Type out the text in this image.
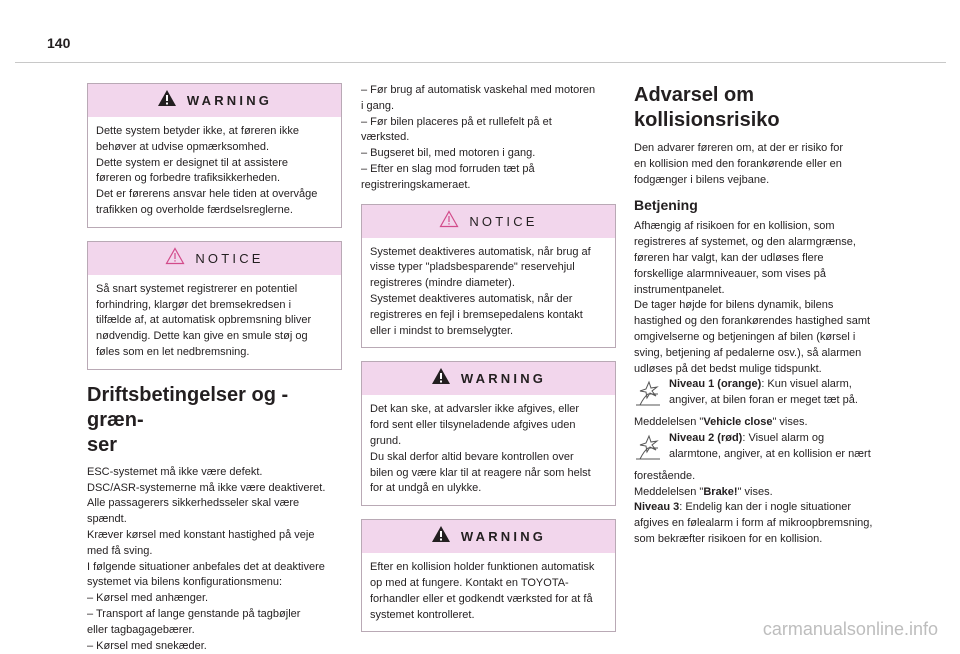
140
WARNING

Dette system betyder ikke, at føreren ikke

behøver at udvise opmærksomhed.

Dette system er designet til at assistere

føreren og forbedre trafiksikkerheden.

Det er førerens ansvar hele tiden at overvåge

trafikken og overholde færdselsreglerne.

NOTICE

Så snart systemet registrerer en potentiel

forhindring, klargør det bremsekredsen i

tilfælde af, at automatisk opbremsning bliver

nødvendig. Dette kan give en smule støj og

føles som en let nedbremsning.

Driftsbetingelser og -græn-
ser

ESC-systemet må ikke være defekt.

DSC/ASR-systemerne må ikke være deaktiveret.

Alle passagerers sikkerhedsseler skal være

spændt.

Kræver kørsel med konstant hastighed på veje

med få sving.

I følgende situationer anbefales det at deaktivere

systemet via bilens konfigurationsmenu:

– Kørsel med anhænger.

– Transport af lange genstande på tagbøjler

eller tagbagagebærer.

– Kørsel med snekæder.

– Før brug af automatisk vaskehal med motoren

i gang.

– Før bilen placeres på et rullefelt på et

værksted.

– Bugseret bil, med motoren i gang.

– Efter en slag mod forruden tæt på

registreringskameraet.

NOTICE

Systemet deaktiveres automatisk, når brug af

visse typer "pladsbesparende" reservehjul

registreres (mindre diameter).

Systemet deaktiveres automatisk, når der

registreres en fejl i bremsepedalens kontakt

eller i mindst to bremselygter.

WARNING

Det kan ske, at advarsler ikke afgives, eller

ford sent eller tilsyneladende afgives uden

grund.

Du skal derfor altid bevare kontrollen over

bilen og være klar til at reagere når som helst

for at undgå en ulykke.

WARNING

Efter en kollision holder funktionen automatisk

op med at fungere. Kontakt en TOYOTA-

forhandler eller et godkendt værksted for at få

systemet kontrolleret.

Advarsel om kollisionsrisiko

Den advarer føreren om, at der er risiko for

en kollision med den forankørende eller en

fodgænger i bilens vejbane.

Betjening

Afhængig af risikoen for en kollision, som

registreres af systemet, og den alarmgrænse,

føreren har valgt, kan der udløses flere

forskellige alarmniveauer, som vises på

instrumentpanelet.

De tager højde for bilens dynamik, bilens

hastighed og den forankørendes hastighed samt

omgivelserne og betjeningen af bilen (kørsel i

sving, betjening af pedalerne osv.), så alarmen

udløses på det bedst mulige tidspunkt.

Niveau 1 (orange): Kun visuel alarm,

angiver, at bilen foran er meget tæt på.

Meddelelsen "Vehicle close" vises.

Niveau 2 (rød): Visuel alarm og

alarmtone, angiver, at en kollision er nært

forestående.

Meddelelsen "Brake!" vises.

Niveau 3: Endelig kan der i nogle situationer

afgives en følealarm i form af mikroopbremsning,

som bekræfter risikoen for en kollision.

carmanualsonline.info
